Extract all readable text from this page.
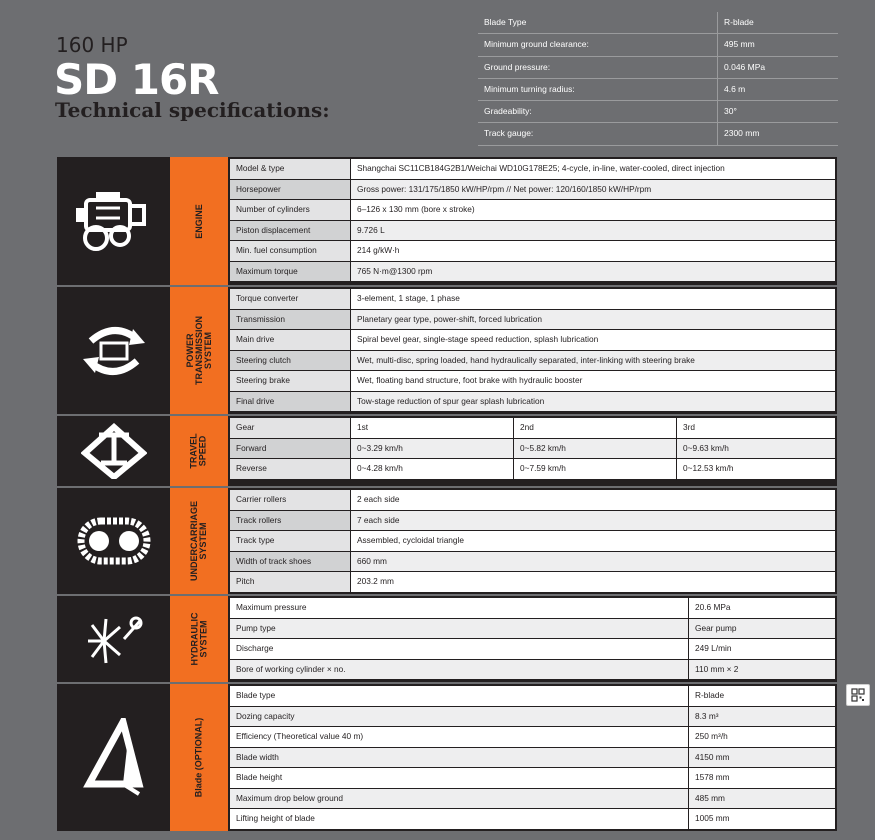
160 HP
SD 16R
Technical specifications:
Blade Type	R-blade
Minimum ground clearance:	495 mm
Ground pressure:	0.046 MPa
Minimum turning radius:	4.6 m
Gradeability:	30°
Track gauge:	2300 mm
ENGINE
Model & type	Shangchai SC11CB184G2B1/Weichai WD10G178E25; 4-cycle, in-line, water-cooled, direct injection
Horsepower	Gross power: 131/175/1850 kW/HP/rpm // Net power: 120/160/1850 kW/HP/rpm
Number of cylinders	6–126 x 130 mm (bore x stroke)
Piston displacement	9.726 L
Min. fuel consumption	214 g/kW·h
Maximum torque	765 N·m@1300 rpm
POWER
TRANSMISSION
SYSTEM
Torque converter	3-element, 1 stage, 1 phase
Transmission	Planetary gear type, power-shift, forced lubrication
Main drive	Spiral bevel gear, single-stage speed reduction, splash lubrication
Steering clutch	Wet, multi-disc, spring loaded, hand hydraulically separated, inter-linking with steering brake
Steering brake	Wet, floating band structure, foot brake with hydraulic booster
Final drive	Tow-stage reduction of spur gear splash lubrication
TRAVEL
SPEED
Gear	1st	2nd	3rd
Forward	0~3.29 km/h	0~5.82 km/h	0~9.63 km/h
Reverse	0~4.28 km/h	0~7.59 km/h	0~12.53 km/h
UNDERCARRIAGE
SYSTEM
Carrier rollers	2 each side
Track rollers	7 each side
Track type	Assembled, cycloidal triangle
Width of track shoes	660 mm
Pitch	203.2 mm
HYDRAULIC
SYSTEM
Maximum pressure	20.6 MPa
Pump type	Gear pump
Discharge	249 L/min
Bore of working cylinder × no.	110 mm × 2
Blade (OPTIONAL)
Blade type	R-blade
Dozing capacity	8.3 m³
Efficiency (Theoretical value 40 m)	250 m³/h
Blade width	4150 mm
Blade height	1578 mm
Maximum drop below ground	485 mm
Lifting height of blade	1005 mm
